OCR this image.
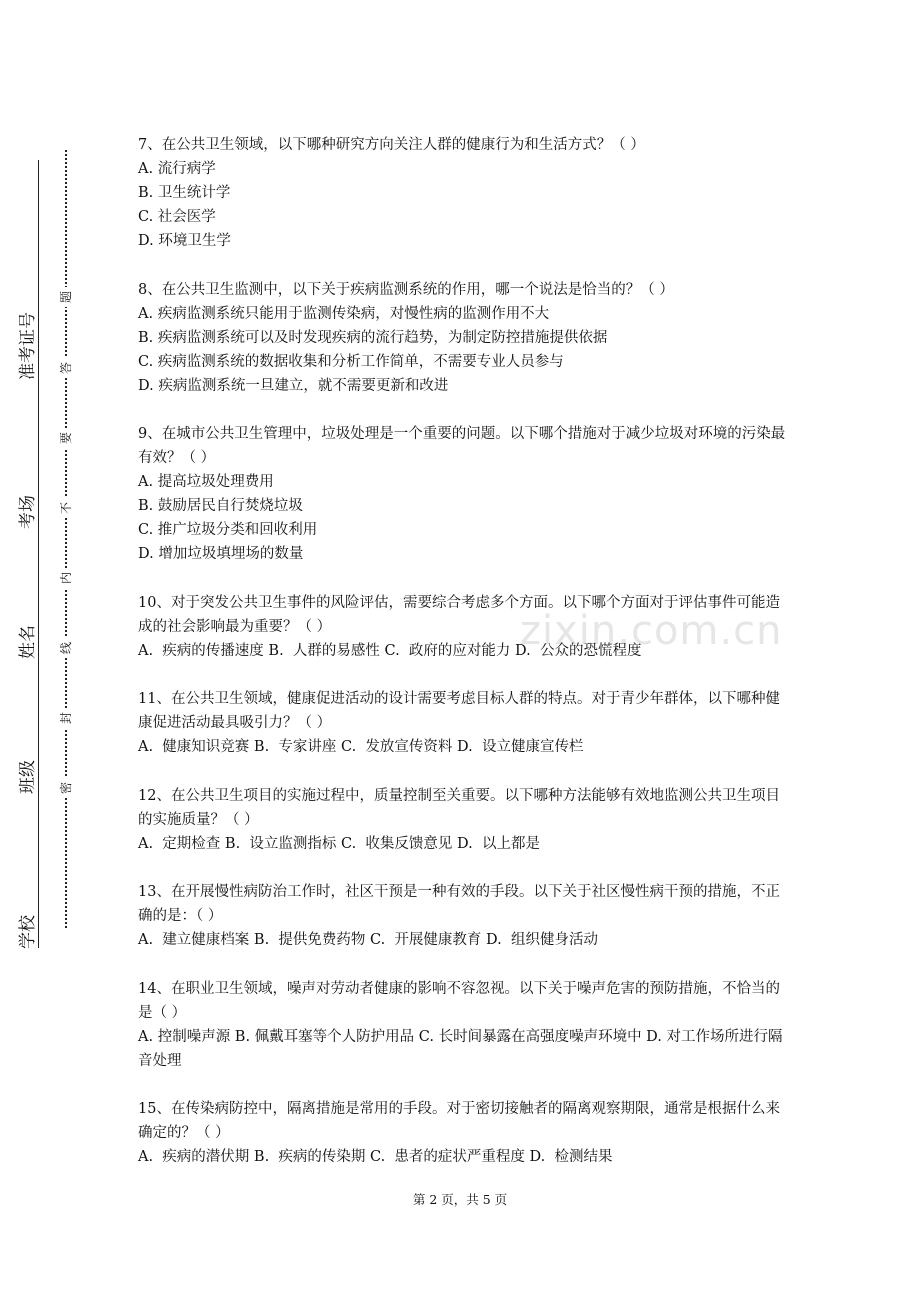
准考证号
考场
姓名
班级
学校
题
答
要
不
内
线
封
密
zixin.com.cn

7、在公共卫生领域，以下哪种研究方向关注人群的健康行为和生活方式？（ ）

A. 流行病学

B. 卫生统计学

C. 社会医学

D. 环境卫生学

8、在公共卫生监测中，以下关于疾病监测系统的作用，哪一个说法是恰当的？（ ）

A. 疾病监测系统只能用于监测传染病，对慢性病的监测作用不大

B. 疾病监测系统可以及时发现疾病的流行趋势，为制定防控措施提供依据

C. 疾病监测系统的数据收集和分析工作简单，不需要专业人员参与

D. 疾病监测系统一旦建立，就不需要更新和改进

9、在城市公共卫生管理中，垃圾处理是一个重要的问题。以下哪个措施对于减少垃圾对环境的污染最有效？（ ）

A. 提高垃圾处理费用

B. 鼓励居民自行焚烧垃圾

C. 推广垃圾分类和回收利用

D. 增加垃圾填埋场的数量

10、对于突发公共卫生事件的风险评估，需要综合考虑多个方面。以下哪个方面对于评估事件可能造成的社会影响最为重要？（ ）

A.  疾病的传播速度 B.  人群的易感性 C.  政府的应对能力 D.  公众的恐慌程度

11、在公共卫生领域，健康促进活动的设计需要考虑目标人群的特点。对于青少年群体，以下哪种健康促进活动最具吸引力？（ ）

A.  健康知识竞赛 B.  专家讲座 C.  发放宣传资料 D.  设立健康宣传栏

12、在公共卫生项目的实施过程中，质量控制至关重要。以下哪种方法能够有效地监测公共卫生项目的实施质量？（ ）

A.  定期检查 B.  设立监测指标 C.  收集反馈意见 D.  以上都是

13、在开展慢性病防治工作时，社区干预是一种有效的手段。以下关于社区慢性病干预的措施，不正确的是：（ ）

A.  建立健康档案 B.  提供免费药物 C.  开展健康教育 D.  组织健身活动

14、在职业卫生领域，噪声对劳动者健康的影响不容忽视。以下关于噪声危害的预防措施，不恰当的是（ ）

A. 控制噪声源 B. 佩戴耳塞等个人防护用品 C. 长时间暴露在高强度噪声环境中 D. 对工作场所进行隔音处理

15、在传染病防控中，隔离措施是常用的手段。对于密切接触者的隔离观察期限，通常是根据什么来确定的？（ ）

A.  疾病的潜伏期 B.  疾病的传染期 C.  患者的症状严重程度 D.  检测结果

第 2 页，共 5 页
